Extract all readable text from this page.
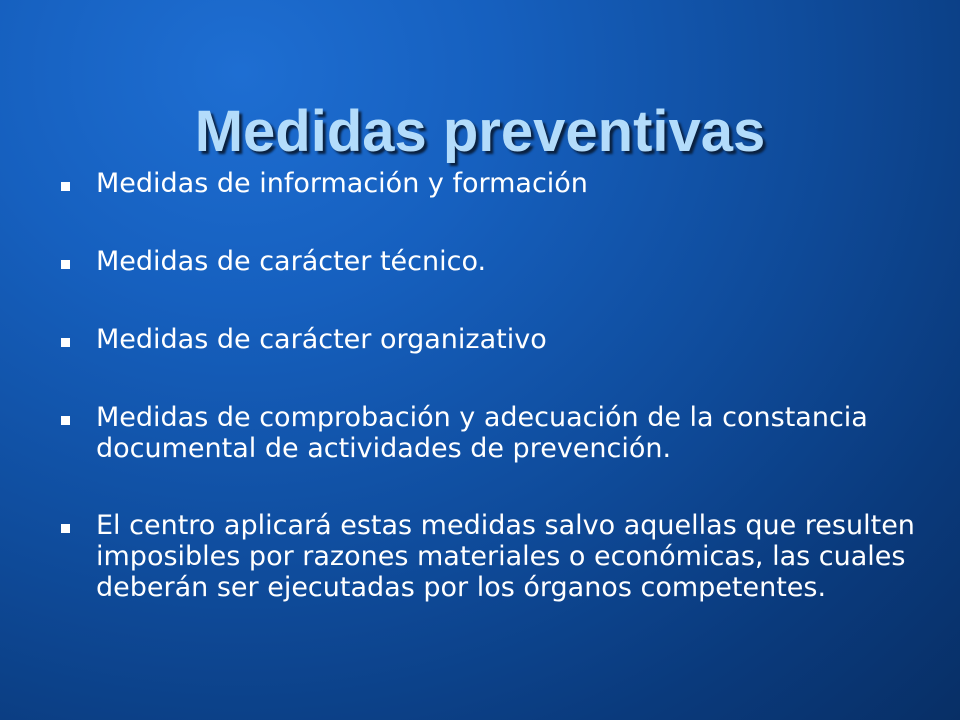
Medidas preventivas
Medidas de información y formación
Medidas de carácter técnico.
Medidas de carácter organizativo
Medidas de comprobación y adecuación de la constancia documental de actividades de prevención.
El centro aplicará estas medidas salvo aquellas que resulten imposibles por razones materiales o económicas, las cuales deberán ser ejecutadas por los órganos competentes.
